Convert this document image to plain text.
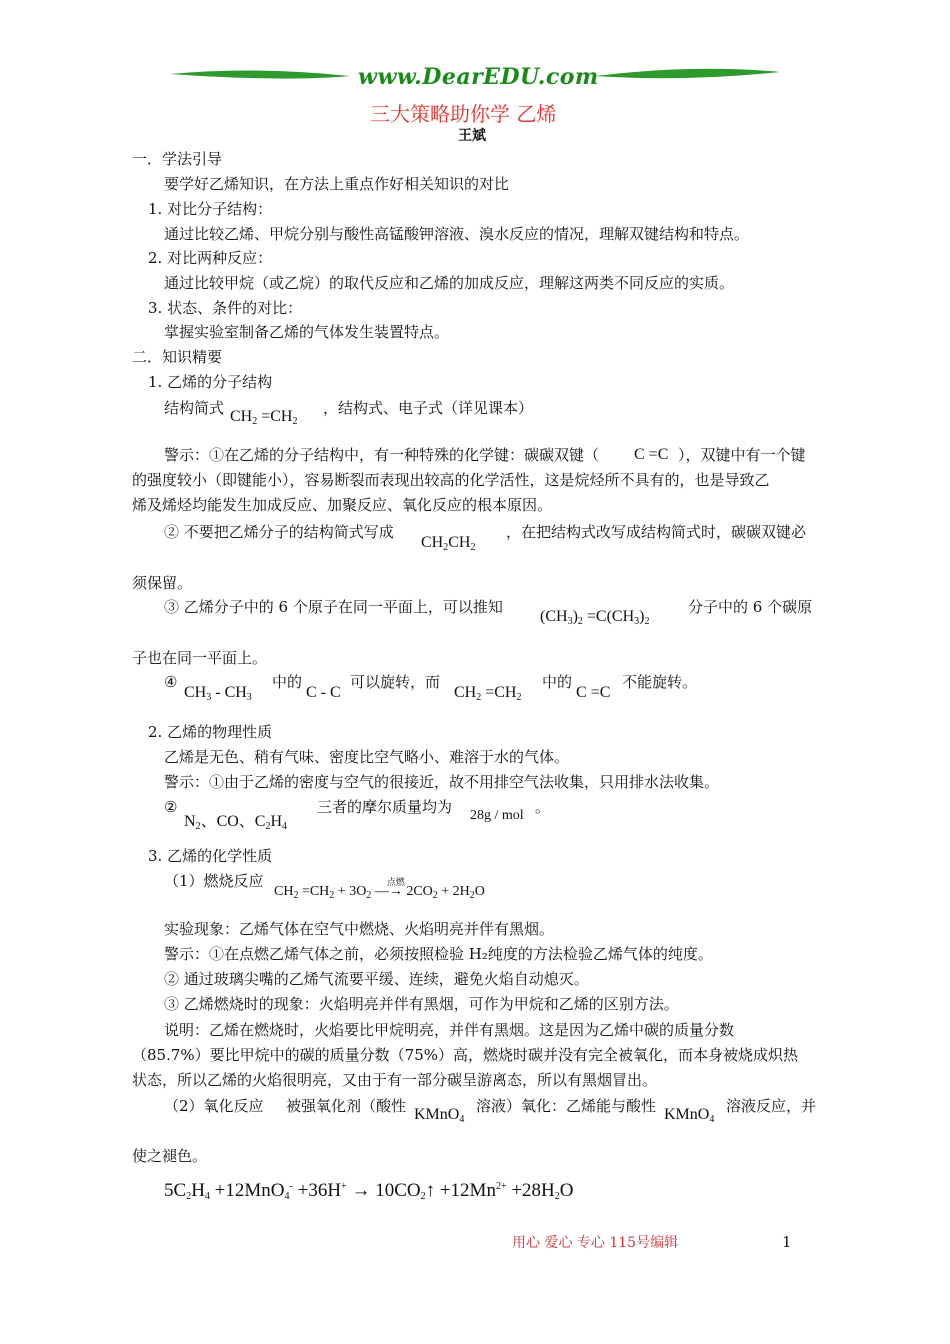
www.DearEDU.com
三大策略助你学 乙烯
王斌
一．学法引导
要学好乙烯知识，在方法上重点作好相关知识的对比
1. 对比分子结构：
通过比较乙烯、甲烷分别与酸性高锰酸钾溶液、溴水反应的情况，理解双键结构和特点。
2. 对比两种反应：
通过比较甲烷（或乙烷）的取代反应和乙烯的加成反应，理解这两类不同反应的实质。
3. 状态、条件的对比：
掌握实验室制备乙烯的气体发生装置特点。
二．知识精要
1. 乙烯的分子结构
结构简式 $CH_2 =CH_2$
，结构式、电子式（详见课本）
警示：①在乙烯的分子结构中，有一种特殊的化学键：碳碳双键（ C =C ），双键中有一个键
的强度较小（即键能小），容易断裂而表现出较高的化学活性，这是烷烃所不具有的，也是导致乙
烯及烯烃均能发生加成反应、加聚反应、氧化反应的根本原因。
② 不要把乙烯分子的结构简式写成
$CH_2CH_2$
，在把结构式改写成结构简式时，碳碳双键必
须保留。
③ 乙烯分子中的 6 个原子在同一平面上，可以推知
$(CH_3)_2 =C(CH_3)_2$
分子中的 6 个碳原
子也在同一平面上。
④
$CH_3 - CH_3$
中的
C - C
可以旋转，而
$CH_2 =CH_2$
中的
C =C
不能旋转。
2. 乙烯的物理性质
乙烯是无色、稍有气味、密度比空气略小、难溶于水的气体。
警示：①由于乙烯的密度与空气的很接近，故不用排空气法收集，只用排水法收集。
②
$N_2$、CO、$C_2H_4$
三者的摩尔质量均为 28g / mol 。
3. 乙烯的化学性质
（1）燃烧反应
$CH_2 =CH_2 + 3O_2$ —→
点燃
$2CO_2 + 2H_2O$
实验现象：乙烯气体在空气中燃烧、火焰明亮并伴有黑烟。
警示：①在点燃乙烯气体之前，必须按照检验 H₂纯度的方法检验乙烯气体的纯度。
② 通过玻璃尖嘴的乙烯气流要平缓、连续，避免火焰自动熄灭。
③ 乙烯燃烧时的现象：火焰明亮并伴有黑烟，可作为甲烷和乙烯的区别方法。
说明：乙烯在燃烧时，火焰要比甲烷明亮，并伴有黑烟。这是因为乙烯中碳的质量分数
（85.7%）要比甲烷中的碳的质量分数（75%）高，燃烧时碳并没有完全被氧化，而本身被烧成炽热
状态，所以乙烯的火焰很明亮，又由于有一部分碳呈游离态，所以有黑烟冒出。
（2）氧化反应 被强氧化剂（酸性 KMnO$_4$
溶液）氧化：乙烯能与酸性 KMnO$_4$
溶液反应，并
使之褪色。
$5C_2H_4 +12MnO_4^- +36H^+$ → $10CO_2↑ +12Mn^{2+} +28H_2O$
用心 爱心 专心 115号编辑	1
